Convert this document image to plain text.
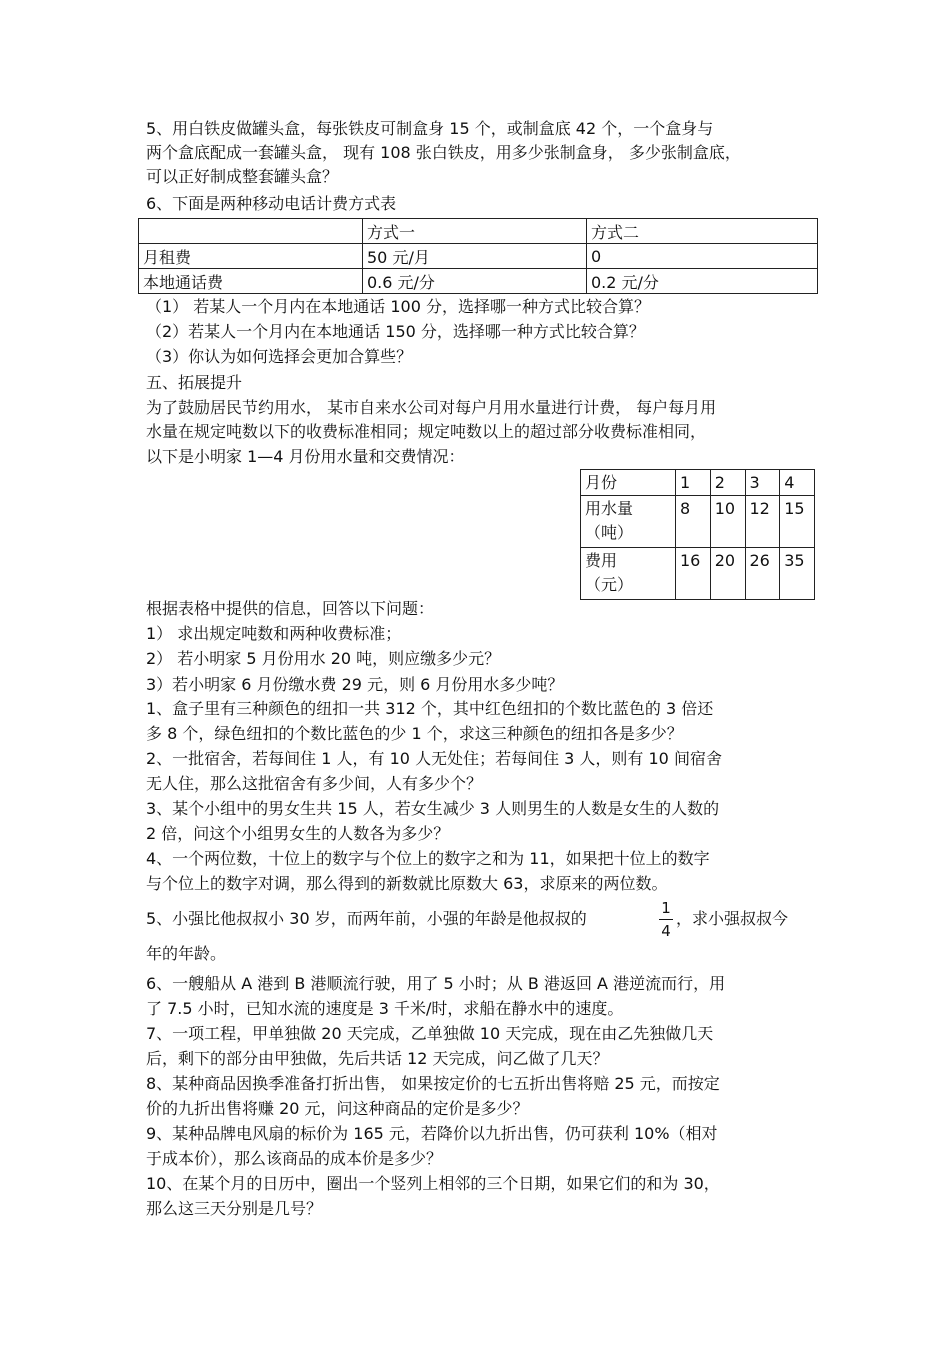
5、用白铁皮做罐头盒，每张铁皮可制盒身 15 个，或制盒底 42 个，一个盒身与
两个盒底配成一套罐头盒， 现有 108 张白铁皮，用多少张制盒身， 多少张制盒底，
可以正好制成整套罐头盒？
6、下面是两种移动电话计费方式表
	方式一	方式二
月租费	50 元/月	0
本地通话费	0.6 元/分	0.2 元/分
（1） 若某人一个月内在本地通话 100 分，选择哪一种方式比较合算？
（2）若某人一个月内在本地通话 150 分，选择哪一种方式比较合算？
（3）你认为如何选择会更加合算些？
五、拓展提升
为了鼓励居民节约用水， 某市自来水公司对每户月用水量进行计费， 每户每月用
水量在规定吨数以下的收费标准相同；规定吨数以上的超过部分收费标准相同，
以下是小明家 1—4 月份用水量和交费情况：
月份	1	2	3	4
用水量
（吨）	8	10	12	15
费用
（元）	16	20	26	35
根据表格中提供的信息，回答以下问题：
1） 求出规定吨数和两种收费标准；
2） 若小明家 5 月份用水 20 吨，则应缴多少元？
3）若小明家 6 月份缴水费 29 元，则 6 月份用水多少吨？
1、盒子里有三种颜色的纽扣一共 312 个，其中红色纽扣的个数比蓝色的 3 倍还
多 8 个，绿色纽扣的个数比蓝色的少 1 个，求这三种颜色的纽扣各是多少？
2、一批宿舍，若每间住 1 人，有 10 人无处住；若每间住 3 人，则有 10 间宿舍
无人住，那么这批宿舍有多少间，人有多少个？
3、某个小组中的男女生共 15 人，若女生减少 3 人则男生的人数是女生的人数的
2 倍，问这个小组男女生的人数各为多少？
4、一个两位数，十位上的数字与个位上的数字之和为 11，如果把十位上的数字
与个位上的数字对调，那么得到的新数就比原数大 63，求原来的两位数。
5、小强比他叔叔小 30 岁，而两年前，小强的年龄是他叔叔的
1
4
，求小强叔叔今
年的年龄。
6、一艘船从 A 港到 B 港顺流行驶，用了 5 小时；从 B 港返回 A 港逆流而行，用
了 7.5 小时，已知水流的速度是 3 千米/时，求船在静水中的速度。
7、一项工程，甲单独做 20 天完成，乙单独做 10 天完成，现在由乙先独做几天
后，剩下的部分由甲独做，先后共话 12 天完成，问乙做了几天？
8、某种商品因换季准备打折出售， 如果按定价的七五折出售将赔 25 元，而按定
价的九折出售将赚 20 元，问这种商品的定价是多少？
9、某种品牌电风扇的标价为 165 元，若降价以九折出售，仍可获利 10%（相对
于成本价），那么该商品的成本价是多少？
10、在某个月的日历中，圈出一个竖列上相邻的三个日期，如果它们的和为 30，
那么这三天分别是几号？
